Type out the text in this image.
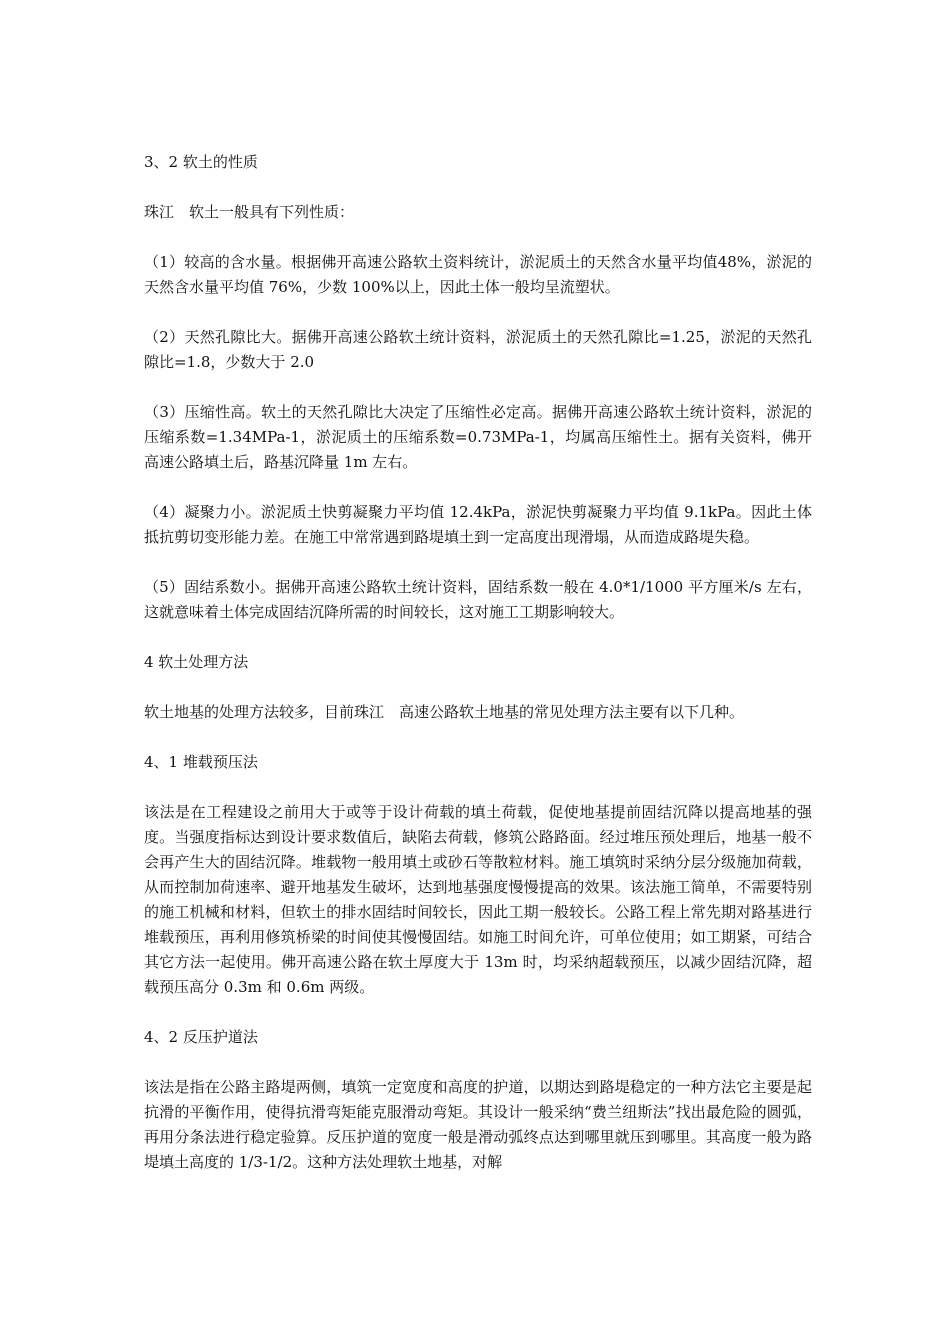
3、2 软土的性质

珠江　软土一般具有下列性质：

（1）较高的含水量。根据佛开高速公路软土资料统计，淤泥质土的天然含水量平均值48%，淤泥的天然含水量平均值 76%，少数 100%以上，因此土体一般均呈流塑状。

（2）天然孔隙比大。据佛开高速公路软土统计资料，淤泥质土的天然孔隙比=1.25，淤泥的天然孔隙比=1.8，少数大于 2.0

（3）压缩性高。软土的天然孔隙比大决定了压缩性必定高。据佛开高速公路软土统计资料，淤泥的压缩系数=1.34MPa-1，淤泥质土的压缩系数=0.73MPa-1，均属高压缩性土。据有关资料，佛开高速公路填土后，路基沉降量 1m 左右。

（4）凝聚力小。淤泥质土快剪凝聚力平均值 12.4kPa，淤泥快剪凝聚力平均值 9.1kPa。因此土体抵抗剪切变形能力差。在施工中常常遇到路堤填土到一定高度出现滑塌，从而造成路堤失稳。

（5）固结系数小。据佛开高速公路软土统计资料，固结系数一般在 4.0*1/1000 平方厘米/s 左右，这就意味着土体完成固结沉降所需的时间较长，这对施工工期影响较大。

4 软土处理方法

软土地基的处理方法较多，目前珠江　高速公路软土地基的常见处理方法主要有以下几种。

4、1 堆载预压法

该法是在工程建设之前用大于或等于设计荷载的填土荷载，促使地基提前固结沉降以提高地基的强度。当强度指标达到设计要求数值后，缺陷去荷载，修筑公路路面。经过堆压预处理后，地基一般不会再产生大的固结沉降。堆载物一般用填土或砂石等散粒材料。施工填筑时采纳分层分级施加荷载，从而控制加荷速率、避开地基发生破坏，达到地基强度慢慢提高的效果。该法施工简单，不需要特别的施工机械和材料，但软土的排水固结时间较长，因此工期一般较长。公路工程上常先期对路基进行堆载预压，再利用修筑桥梁的时间使其慢慢固结。如施工时间允许，可单位使用；如工期紧，可结合其它方法一起使用。佛开高速公路在软土厚度大于 13m 时，均采纳超载预压，以减少固结沉降，超载预压高分 0.3m 和 0.6m 两级。

4、2 反压护道法

该法是指在公路主路堤两侧，填筑一定宽度和高度的护道，以期达到路堤稳定的一种方法它主要是起抗滑的平衡作用，使得抗滑弯矩能克服滑动弯矩。其设计一般采纳“费兰纽斯法”找出最危险的圆弧，再用分条法进行稳定验算。反压护道的宽度一般是滑动弧终点达到哪里就压到哪里。其高度一般为路堤填土高度的 1/3-1/2。这种方法处理软土地基，对解
